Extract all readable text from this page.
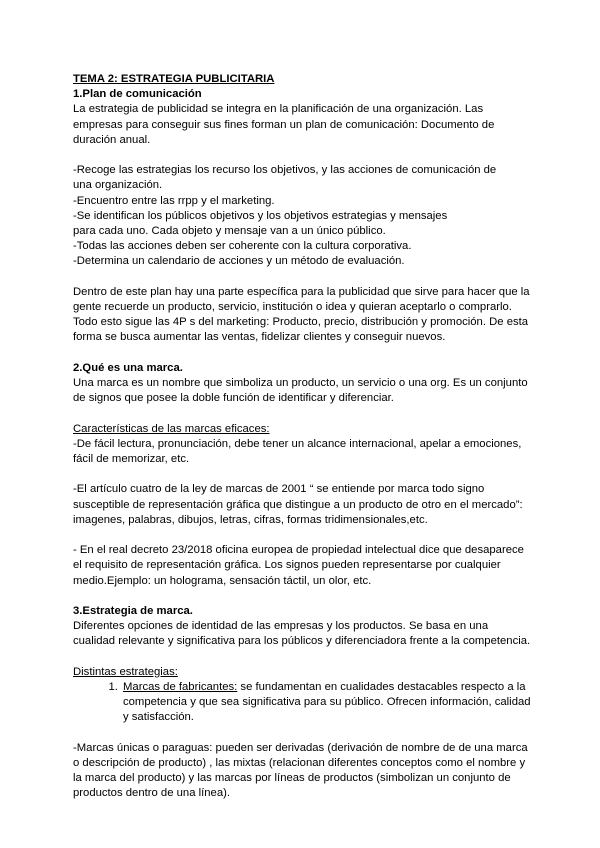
TEMA 2: ESTRATEGIA PUBLICITARIA

1.Plan de comunicación

La estrategia de publicidad se integra en la planificación de una organización. Las empresas para conseguir sus fines forman un plan de comunicación: Documento de duración anual.

-Recoge las estrategias los recurso los objetivos, y las acciones de comunicación de

una organización.

-Encuentro entre las rrpp y el marketing.

-Se identifican los públicos objetivos y los objetivos estrategias y mensajes

para cada uno. Cada objeto y mensaje van a un único público.

-Todas las acciones deben ser coherente con la cultura corporativa.

-Determina un calendario de acciones y un método de evaluación.

Dentro de este plan hay una parte específica para la publicidad que sirve para hacer que la gente recuerde un producto, servicio, institución o idea y quieran aceptarlo o comprarlo. Todo esto sigue las 4P s del marketing: Producto, precio, distribución y promoción. De esta forma se busca aumentar las ventas, fidelizar clientes y conseguir nuevos.

2.Qué es una marca.

Una marca es un nombre que simboliza un producto, un servicio o una org. Es un conjunto de signos que posee la doble función de identificar y diferenciar.

Características de las marcas eficaces:

-De fácil lectura, pronunciación, debe tener un alcance internacional, apelar a emociones, fácil de memorizar, etc.

-El artículo cuatro de la ley de marcas de 2001 “ se entiende por marca todo signo susceptible de representación gráfica que distingue a un producto de otro en el mercado”: imagenes, palabras, dibujos, letras, cifras, formas tridimensionales,etc.

- En el real decreto 23/2018 oficina europea de propiedad intelectual dice que desaparece el requisito de representación gráfica. Los signos pueden representarse por cualquier medio.Ejemplo: un holograma, sensación táctil, un olor, etc.

3.Estrategia de marca.

Diferentes opciones de identidad de las empresas y los productos. Se basa en una cualidad relevante y significativa para los públicos y diferenciadora frente a la competencia.

Distintas estrategias:

1. Marcas de fabricantes: se fundamentan en cualidades destacables respecto a la competencia y que sea significativa para su público. Ofrecen información, calidad y satisfacción.

-Marcas únicas o paraguas: pueden ser derivadas (derivación de nombre de de una marca o descripción de producto) , las mixtas (relacionan diferentes conceptos como el nombre y la marca del producto) y las marcas por líneas de productos (simbolizan un conjunto de productos dentro de una línea).
